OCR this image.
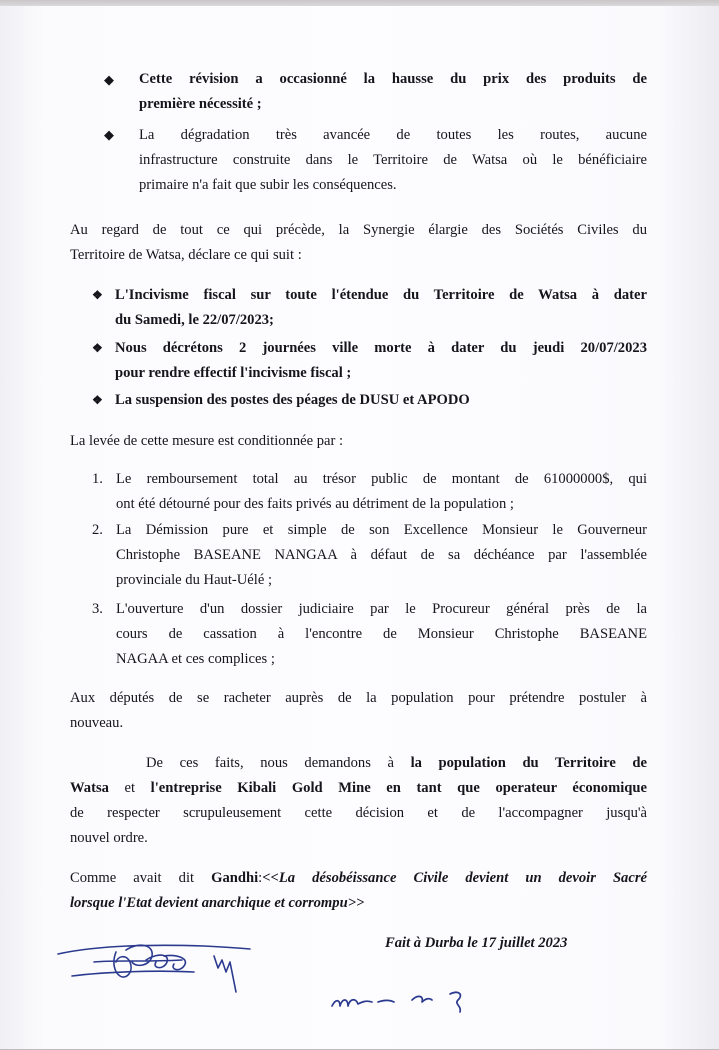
◆ Cette révision a occasionné la hausse du prix des produits de
première nécessité ;
◆ La dégradation très avancée de toutes les routes, aucune
infrastructure construite dans le Territoire de Watsa où le bénéficiaire
primaire n'a fait que subir les conséquences.
Au regard de tout ce qui précède, la Synergie élargie des Sociétés Civiles du
Territoire de Watsa, déclare ce qui suit :
❖ L'Incivisme fiscal sur toute l'étendue du Territoire de Watsa à dater
du Samedi, le 22/07/2023;
❖ Nous décrétons 2 journées ville morte à dater du jeudi 20/07/2023
pour rendre effectif l'incivisme fiscal ;
❖ La suspension des postes des péages de DUSU et APODO
La levée de cette mesure est conditionnée par :
1. Le remboursement total au trésor public de montant de 61000000$, qui
ont été détourné pour des faits privés au détriment de la population ;
2. La Démission pure et simple de son Excellence Monsieur le Gouverneur
Christophe BASEANE NANGAA à défaut de sa déchéance par l'assemblée
provinciale du Haut-Uélé ;
3. L'ouverture d'un dossier judiciaire par le Procureur général près de la
cours de cassation à l'encontre de Monsieur Christophe BASEANE
NAGAA et ces complices ;
Aux députés de se racheter auprès de la population pour prétendre postuler à
nouveau.
De ces faits, nous demandons à la population du Territoire de
Watsa et l'entreprise Kibali Gold Mine en tant que operateur économique
de respecter scrupuleusement cette décision et de l'accompagner jusqu'à
nouvel ordre.
Comme avait dit Gandhi:<<La désobéissance Civile devient un devoir Sacré
lorsque l'Etat devient anarchique et corrompu>>
Fait à Durba le 17 juillet 2023
